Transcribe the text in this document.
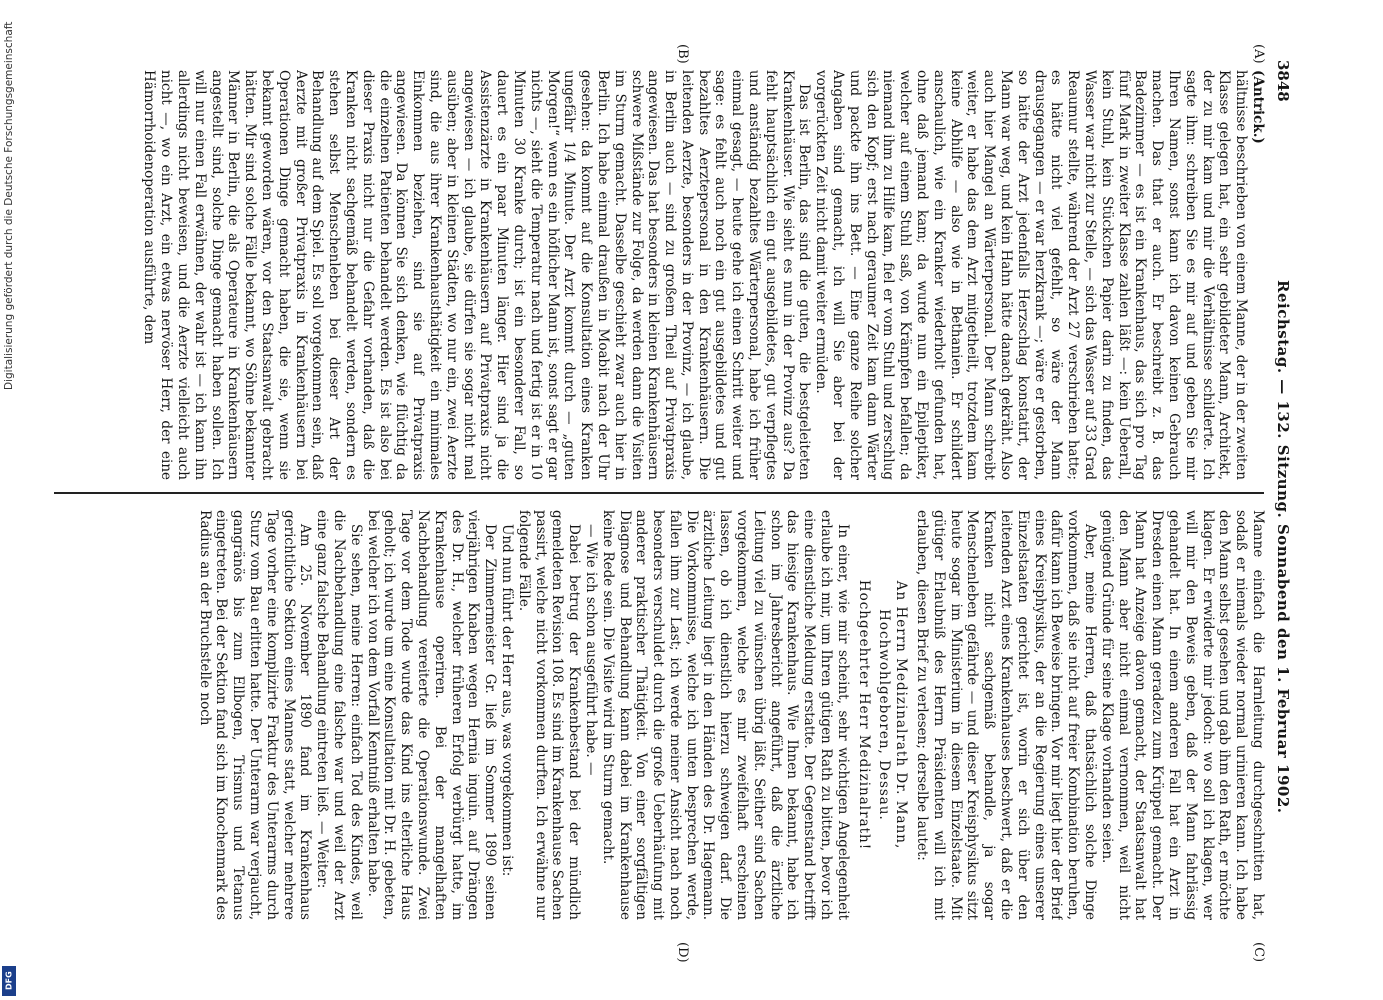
3848
Reichstag. — 132. Sitzung. Sonnabend den 1. Februar 1902.
(A)
(B)
(C)
(D)

(Antrick.)

hältnisse beschrieben von einem Manne, der in der zweiten Klasse gelegen hat, ein sehr gebildeter Mann, Architekt, der zu mir kam und mir die Verhältnisse schilderte. Ich sagte ihm: schreiben Sie es mir auf und geben Sie mir Ihren Namen, sonst kann ich davon keinen Gebrauch machen. Das that er auch. Er beschreibt z. B. das Badezimmer — es ist ein Krankenhaus, das sich pro Tag fünf Mark in zweiter Klasse zahlen läßt —: kein Ueberall, kein Stuhl, kein Stückchen Papier darin zu finden, das Wasser war nicht zur Stelle, — sich das Wasser auf 33 Grad Reaumur stellte, während der Arzt 27 verschrieben hatte; es hätte nicht viel gefehlt, so wäre der Mann drausgegangen — er war herzkrank —; wäre er gestorben, so hätte der Arzt jedenfalls Herzschlag konstatirt, der Mann war weg, und kein Hahn hätte danach gekräht. Also auch hier Mangel an Wärterpersonal. Der Mann schreibt weiter, er habe das dem Arzt mitgetheilt, trotzdem kam keine Abhilfe — also wie in Bethanien. Er schildert anschaulich, wie ein Kranker wiederholt gefunden hat, ohne daß jemand kam; da wurde nun ein Epileptiker, welcher auf einem Stuhl saß, von Krämpfen befallen; da niemand ihm zu Hilfe kam, fiel er vom Stuhl und zerschlug sich den Kopf; erst nach geraumer Zeit kam dann Wärter und packte ihn ins Bett. — Eine ganze Reihe solcher Angaben sind gemacht, ich will Sie aber bei der vorgerückten Zeit nicht damit weiter ermüden.

Das ist Berlin, das sind die guten, die bestgeleiteten Krankenhäuser. Wie sieht es nun in der Provinz aus? Da fehlt hauptsächlich ein gut ausgebildetes, gut verpflegtes und anständig bezahltes Wärterpersonal, habe ich früher einmal gesagt, — heute gehe ich einen Schritt weiter und sage: es fehlt auch noch ein gut ausgebildetes und gut bezahltes Aerztepersonal in den Krankenhäusern. Die leitenden Aerzte, besonders in der Provinz, — ich glaube, in Berlin auch — sind zu großem Theil auf Privatpraxis angewiesen. Das hat besonders in kleinen Krankenhäusern schwere Mißstände zur Folge, da werden dann die Visiten im Sturm gemacht. Dasselbe geschieht zwar auch hier in Berlin. Ich habe einmal draußen in Moabit nach der Uhr gesehen: da kommt auf die Konsultation eines Kranken ungefähr 1/4 Minute. Der Arzt kommt durch — „guten Morgen!“ wenn es ein höflicher Mann ist, sonst sagt er gar nichts —, sieht die Temperatur nach und fertig ist er in 10 Minuten 30 Kranke durch; ist ein besonderer Fall, so dauert es ein paar Minuten länger. Hier sind ja die Assistenzärzte in Krankenhäusern auf Privatpraxis nicht angewiesen — ich glaube, sie dürfen sie sogar nicht mal ausüben; aber in kleinen Städten, wo nur ein, zwei Aerzte sind, die aus ihrer Krankenhausthätigkeit ein minimales Einkommen beziehen, sind sie auf Privatpraxis angewiesen. Da können Sie sich denken, wie flüchtig da die einzelnen Patienten behandelt werden. Es ist also bei dieser Praxis nicht nur die Gefahr vorhanden, daß die Kranken nicht sachgemäß behandelt werden, sondern es stehen selbst Menschenleben bei dieser Art der Behandlung auf dem Spiel. Es soll vorgekommen sein, daß Aerzte mit großer Privatpraxis in Krankenhäusern bei Operationen Dinge gemacht haben, die sie, wenn sie bekannt geworden wären, vor den Staatsanwalt gebracht hätten. Mir sind solche Fälle bekannt, wo Söhne bekannter Männer in Berlin, die als Operateure in Krankenhäusern angestellt sind, solche Dinge gemacht haben sollen. Ich will nur einen Fall erwähnen, der wahr ist — ich kann ihn allerdings nicht beweisen, und die Aerzte vielleicht auch nicht —, wo ein Arzt, ein etwas nervöser Herr, der eine Hämorrhoidenoperation ausführte, dem

Manne einfach die Harnleitung durchgeschnitten hat, sodaß er niemals wieder normal urinieren kann. Ich habe den Mann selbst gesehen und gab ihm den Rath, er möchte klagen. Er erwiderte mir jedoch: wo soll ich klagen, wer will mir den Beweis geben, daß der Mann fahrlässig gehandelt hat. In einem anderen Fall hat ein Arzt in Dresden einen Mann geradezu zum Krüppel gemacht. Der Mann hat Anzeige davon gemacht, der Staatsanwalt hat den Mann aber nicht einmal vernommen, weil nicht genügend Gründe für seine Klage vorhanden seien.

Aber, meine Herren, daß thatsächlich solche Dinge vorkommen, daß sie nicht auf freier Kombination beruhen, dafür kann ich Beweise bringen. Vor mir liegt hier der Brief eines Kreisphysikus, der an die Regierung eines unserer Einzelstaaten gerichtet ist, worin er sich über den leitenden Arzt eines Krankenhauses beschwert, daß er die Kranken nicht sachgemäß behandle, ja sogar Menschenleben gefährde — und dieser Kreisphysikus sitzt heute sogar im Ministerium in diesem Einzelstaate. Mit gütiger Erlaubniß des Herrn Präsidenten will ich mit erlauben, diesen Brief zu verlesen; derselbe lautet:

An Herrn Medizinalrath Dr. Mann, Hochwohlgeboren, Dessau.

Hochgeehrter Herr Medizinalrath!

In einer, wie mir scheint, sehr wichtigen Angelegenheit erlaube ich mir, um Ihren gütigen Rath zu bitten, bevor ich eine dienstliche Meldung erstatte. Der Gegenstand betrifft das hiesige Krankenhaus. Wie Ihnen bekannt, habe ich schon im Jahresbericht angeführt, daß die ärztliche Leitung viel zu wünschen übrig läßt. Seither sind Sachen vorgekommen, welche es mir zweifelhaft erscheinen lassen, ob ich dienstlich hierzu schweigen darf. Die ärztliche Leitung liegt in den Händen des Dr. Hagemann. Die Vorkommnisse, welche ich unten besprechen werde, fallen ihm zur Last; ich werde meiner Ansicht nach noch besonders verschuldet durch die große Ueberhäufung mit anderer praktischer Thätigkeit. Von einer sorgfältigen Diagnose und Behandlung kann dabei im Krankenhause keine Rede sein. Die Visite wird im Sturm gemacht.

— Wie ich schon ausgeführt habe. —

Dabei betrug der Krankenbestand bei der mündlich gemeldeten Revision 108. Es sind im Krankenhause Sachen passirt, welche nicht vorkommen durften. Ich erwähne nur folgende Fälle.

Und nun führt der Herr aus, was vorgekommen ist:

Der Zimmermeister Gr. ließ im Sommer 1890 seinen vierjährigen Knaben wegen Hernia inguin. auf Drängen des Dr. H., welcher früheren Erfolg verbürgt hatte, im Krankenhause operiren. Bei der mangelhaften Nachbehandlung vereiterte die Operationswunde. Zwei Tage vor dem Tode wurde das Kind ins elterliche Haus geholt; ich wurde um eine Konsultation mit Dr. H. gebeten, bei welcher ich von dem Vorfall Kenntniß erhalten habe.

Sie sehen, meine Herren: einfach Tod des Kindes, weil die Nachbehandlung eine falsche war und weil der Arzt eine ganz falsche Behandlung eintreten ließ. — Weiter:

Am 25. November 1890 fand im Krankenhaus gerichtliche Sektion eines Mannes statt, welcher mehrere Tage vorher eine komplizirte Fraktur des Unterarms durch Sturz vom Bau erlitten hatte. Der Unterarm war verjaucht, gangränös bis zum Ellbogen, Trismus und Tetanus eingetreten. Bei der Sektion fand sich im Knochenmark des Radius an der Bruchstelle noch

Digitalisierung gefördert durch die Deutsche Forschungsgemeinschaft
DFG
